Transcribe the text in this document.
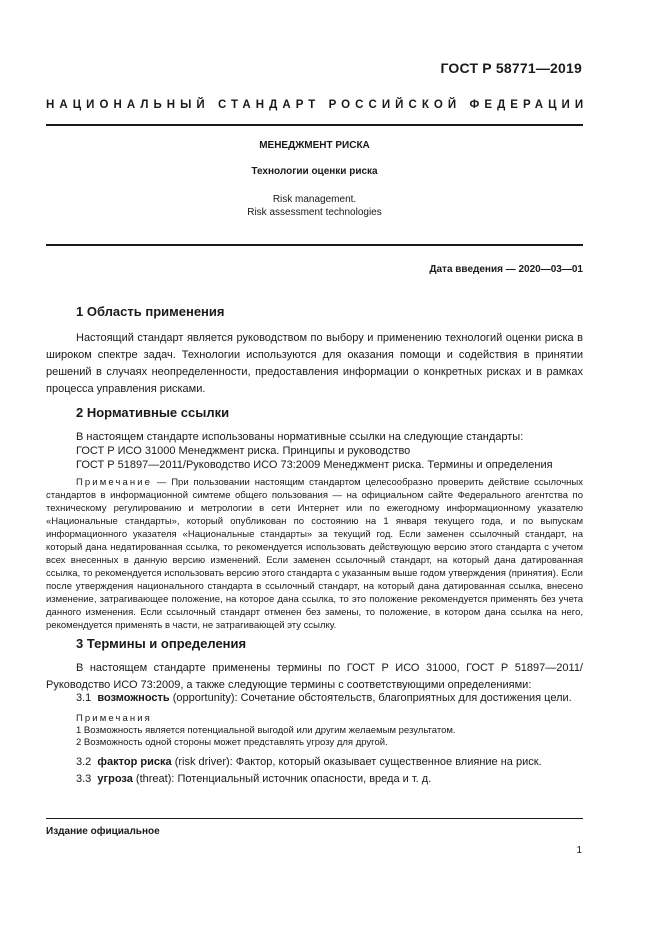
ГОСТ Р 58771—2019
НАЦИОНАЛЬНЫЙ СТАНДАРТ РОССИЙСКОЙ ФЕДЕРАЦИИ
МЕНЕДЖМЕНТ РИСКА
Технологии оценки риска
Risk management.
Risk assessment technologies
Дата введения — 2020—03—01
1 Область применения
Настоящий стандарт является руководством по выбору и применению технологий оценки риска в широком спектре задач. Технологии используются для оказания помощи и содействия в принятии решений в случаях неопределенности, предоставления информации о конкретных рисках и в рамках процесса управления рисками.
2 Нормативные ссылки
В настоящем стандарте использованы нормативные ссылки на следующие стандарты:
ГОСТ Р ИСО 31000 Менеджмент риска. Принципы и руководство
ГОСТ Р 51897—2011/Руководство ИСО 73:2009 Менеджмент риска. Термины и определения
Примечание — При пользовании настоящим стандартом целесообразно проверить действие ссылочных стандартов в информационной симтеме общего пользования — на официальном сайте Федерального агентства по техническому регулированию и метрологии в сети Интернет или по ежегодному информационному указателю «Национальные стандарты», который опубликован по состоянию на 1 января текущего года, и по выпускам информационного указателя «Национальные стандарты» за текущий год. Если заменен ссылочный стандарт, на который дана недатированная ссылка, то рекомендуется использовать действующую версию этого стандарта с учетом всех внесенных в данную версию изменений. Если заменен ссылочный стандарт, на который дана датированная ссылка, то рекомендуется использовать версию этого стандарта с указанным выше годом утверждения (принятия). Если после утверждения национального стандарта в ссылочный стандарт, на который дана датированная ссылка, внесено изменение, затрагивающее положение, на которое дана ссылка, то это положение рекомендуется применять без учета данного изменения. Если ссылочный стандарт отменен без замены, то положение, в котором дана ссылка на него, рекомендуется применять в части, не затрагивающей эту ссылку.
3 Термины и определения
В настоящем стандарте применены термины по ГОСТ Р ИСО 31000, ГОСТ Р 51897—2011/Руководство ИСО 73:2009, а также следующие термины с соответствующими определениями:
3.1 возможность (opportunity): Сочетание обстоятельств, благоприятных для достижения цели.
Примечания
1 Возможность является потенциальной выгодой или другим желаемым результатом.
2 Возможность одной стороны может представлять угрозу для другой.
3.2 фактор риска (risk driver): Фактор, который оказывает существенное влияние на риск.
3.3 угроза (threat): Потенциальный источник опасности, вреда и т. д.
Издание официальное
1
